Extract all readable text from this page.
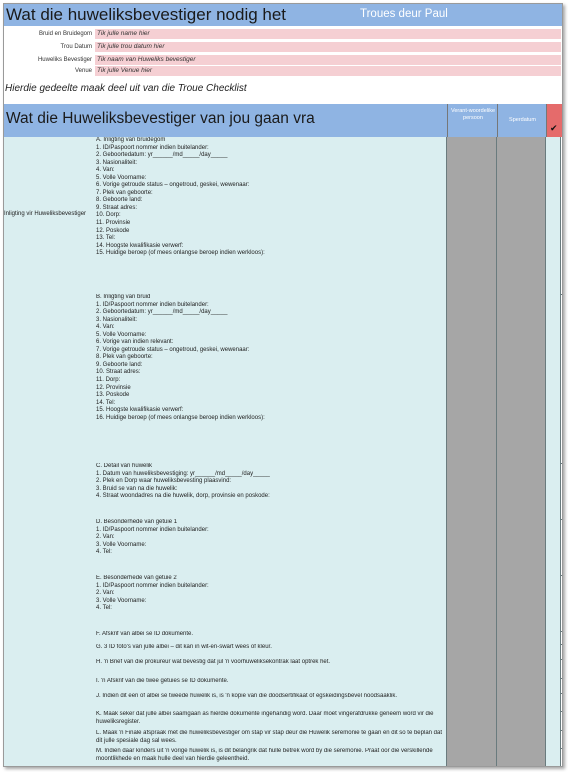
Wat die huweliksbevestiger nodig het	Troues deur Paul
Bruid en Bruidegom Tik julle name hier
Trou Datum Tik julle trou datum hier
Huweliks Bevestiger Tik naam van Huweliks bevestiger
Venue Tik julle Venue hier
Hierdie gedeelte maak deel uit van die Troue Checklist
Wat die Huweliksbevestiger van jou gaan vra	Verant-woordelike persoon	Sperdatum
✔
Inligting vir Huweliksbevestiger
A. Inligting van bruidegom
1. ID/Paspoort nommer indien buitelander:
2. Geboortedatum: yr______/md_____/day_____
3. Nasionaliteit:
4. Van:
5. Volle Voorname:
6. Vorige getroude status – ongetroud, geskei, wewenaar:
7. Plek van geboorte:
8. Geboorte land:
9. Straat adres:
10. Dorp:
11. Provinsie
12. Poskode
13. Tel:
14. Hoogste kwalifikasie verwerf:
15. Huidige beroep (of mees onlangse beroep indien werkloos):
B. Inligting van bruid
1. ID/Paspoort nommer indien buitelander:
2. Geboortedatum: yr______/md_____/day_____
3. Nasionaliteit:
4. Van:
5. Volle Voorname:
6. Vorige van indien relevant:
7. Vorige getroude status – ongetroud, geskei, wewenaar:
8. Plek van geboorte:
9. Geboorte land:
10. Straat adres:
11. Dorp:
12. Provinsie
13. Poskode
14. Tel:
15. Hoogste kwalifikasie verwerf:
16. Huidige beroep (of mees onlangse beroep indien werkloos):
C. Detail van huwelik
1. Datum van huweliksbevestiging: yr______/md_____/day_____
2. Plek en Dorp waar huweliksbevesting plaasvind:
3. Bruid se van na die huwelik:
4. Straat woondadres na die huwelik, dorp, provinsie en poskode:
D. Besonderhede van getuie 1
1. ID/Paspoort nommer indien buitelander:
2. Van:
3. Volle Voorname:
4. Tel:
E. Besonderhede van getuie 2
1. ID/Paspoort nommer indien buitelander:
2. Van:
3. Volle Voorname:
4. Tel:
F. Afskrif van albei se ID dokumente.
G. 3 ID foto's van julle albei – dit kan in wit-en-swart wees of kleur.
H. 'n Brief van die prokureur wat bevestig dat jul 'n voorhuweliksekontrak laat optrek het.
I. 'n Afskrif van die twee getuies se ID dokumente.
J. Indien dit een of albei se tweede huwelik is, is 'n kopie van die doodsertifikaat of egskeidingsbevel noodsaaklik.
K. Maak seker dat julle albei saamgaan as hierdie dokumente ingehandig word. Daar moet vingerafdrukke geneem word vir die huweliksregister.
L. Maak 'n Finale afspraak met die huweliksbevestiger om stap vir stap deur die Huwelik seremonie te gaan en dit so te beplan dat dit julle spesiale dag sal wees.
M. Indien daar kinders uit 'n vorige huwelik is, is dit belangrik dat hulle betrek word by die seremonie. Praat oor die verskillende moontlikhede en maak hulle deel van hierdie geleentheid.
